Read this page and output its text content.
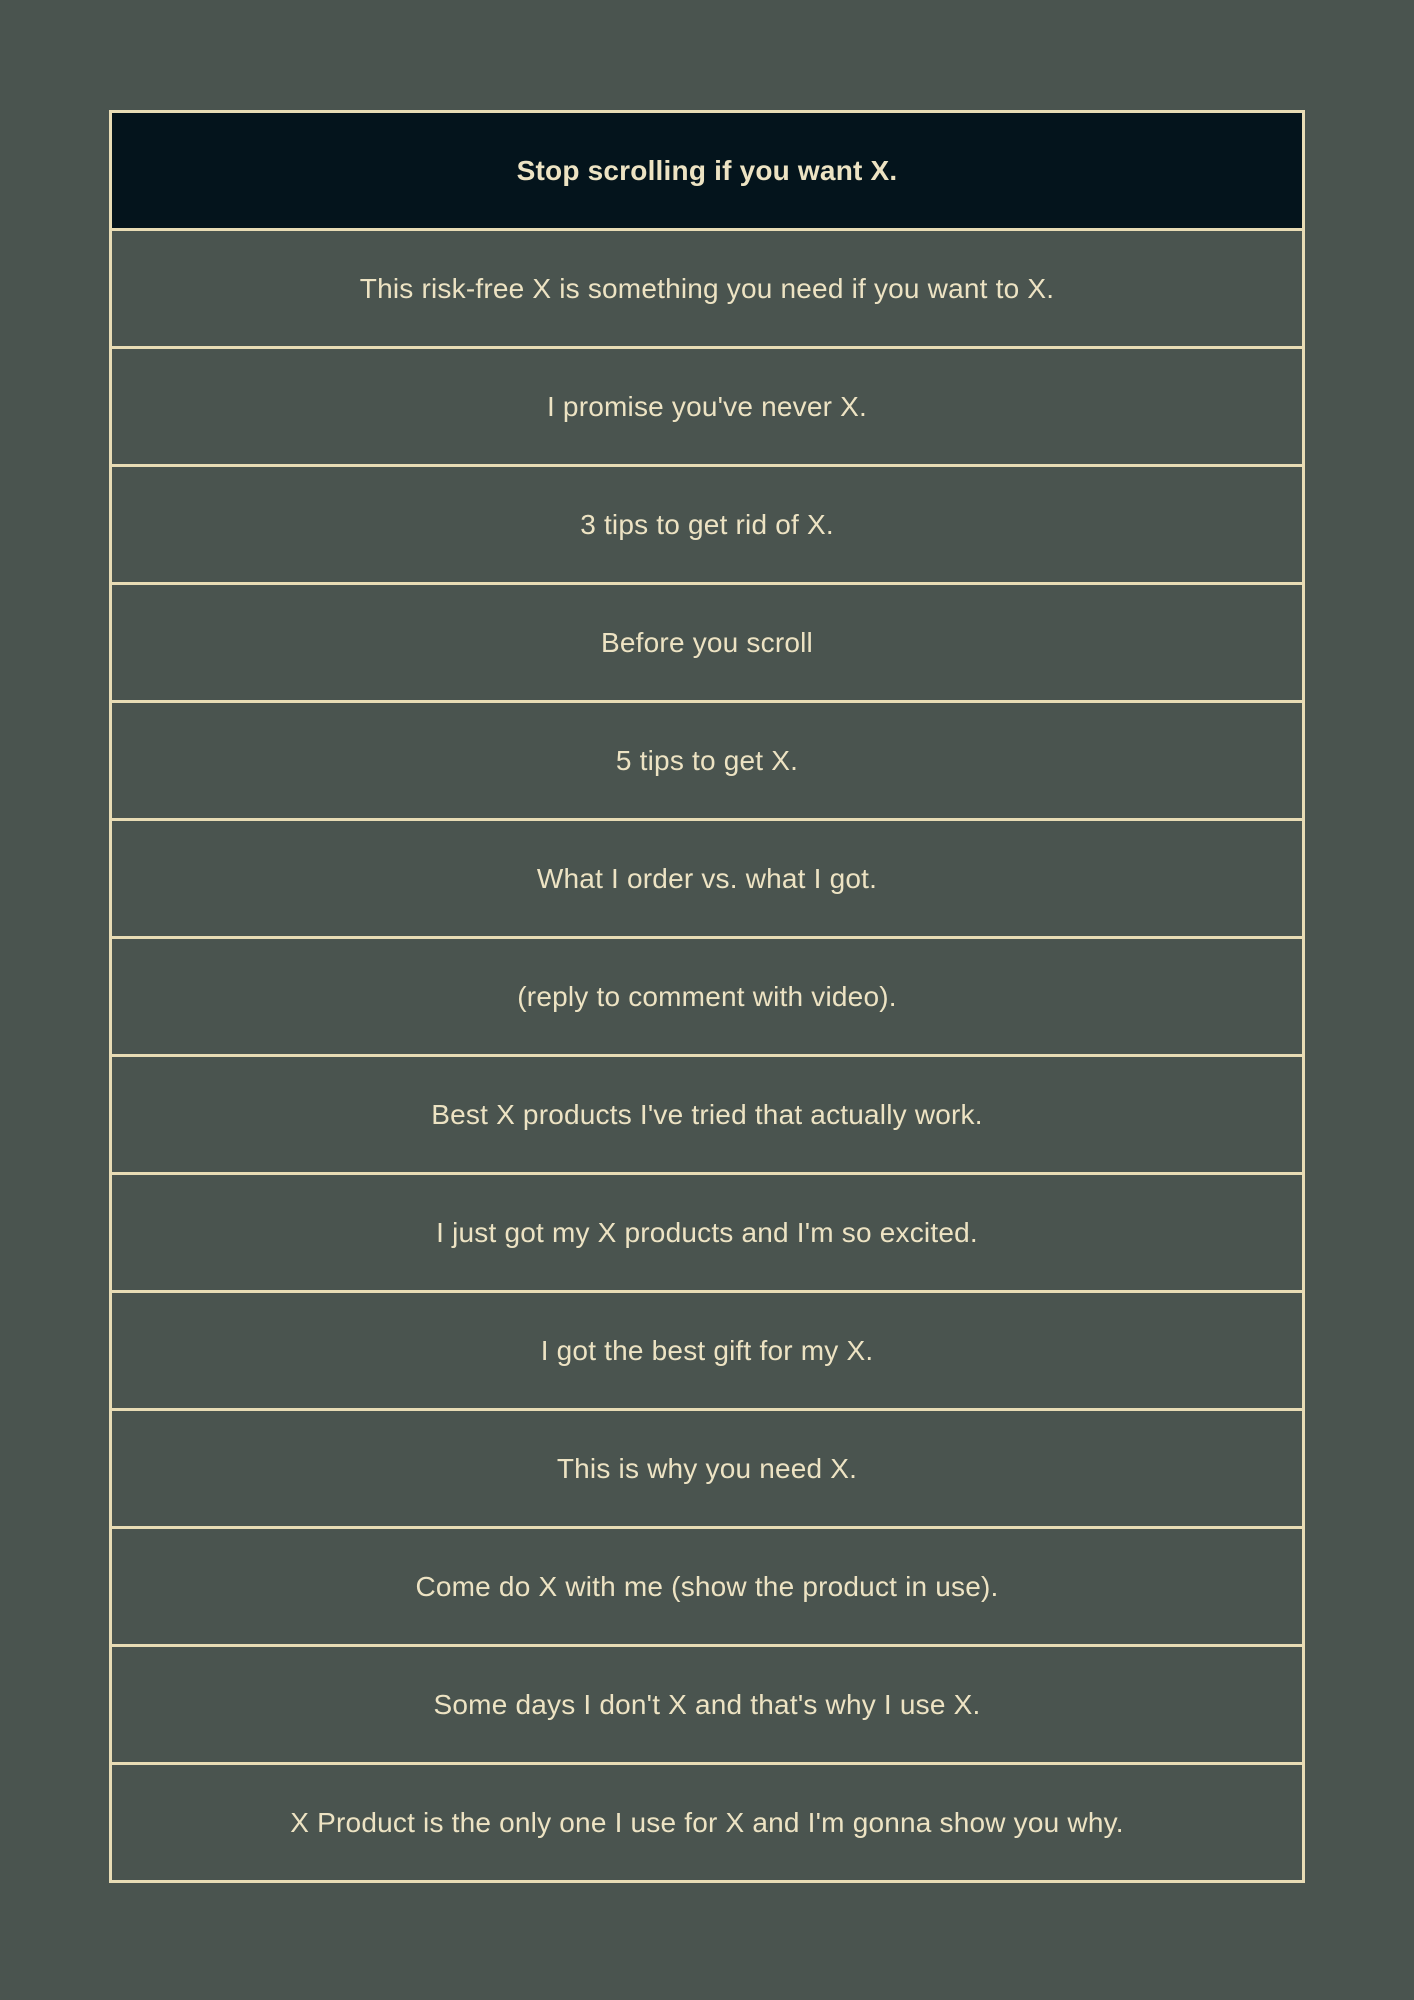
Stop scrolling if you want X.
This risk-free X is something you need if you want to X.
I promise you've never X.
3 tips to get rid of X.
Before you scroll
5 tips to get X.
What I order vs. what I got.
(reply to comment with video).
Best X products I've tried that actually work.
I just got my X products and I'm so excited.
I got the best gift for my X.
This is why you need X.
Come do X with me (show the product in use).
Some days I don't X and that's why I use X.
X Product is the only one I use for X and I'm gonna show you why.
